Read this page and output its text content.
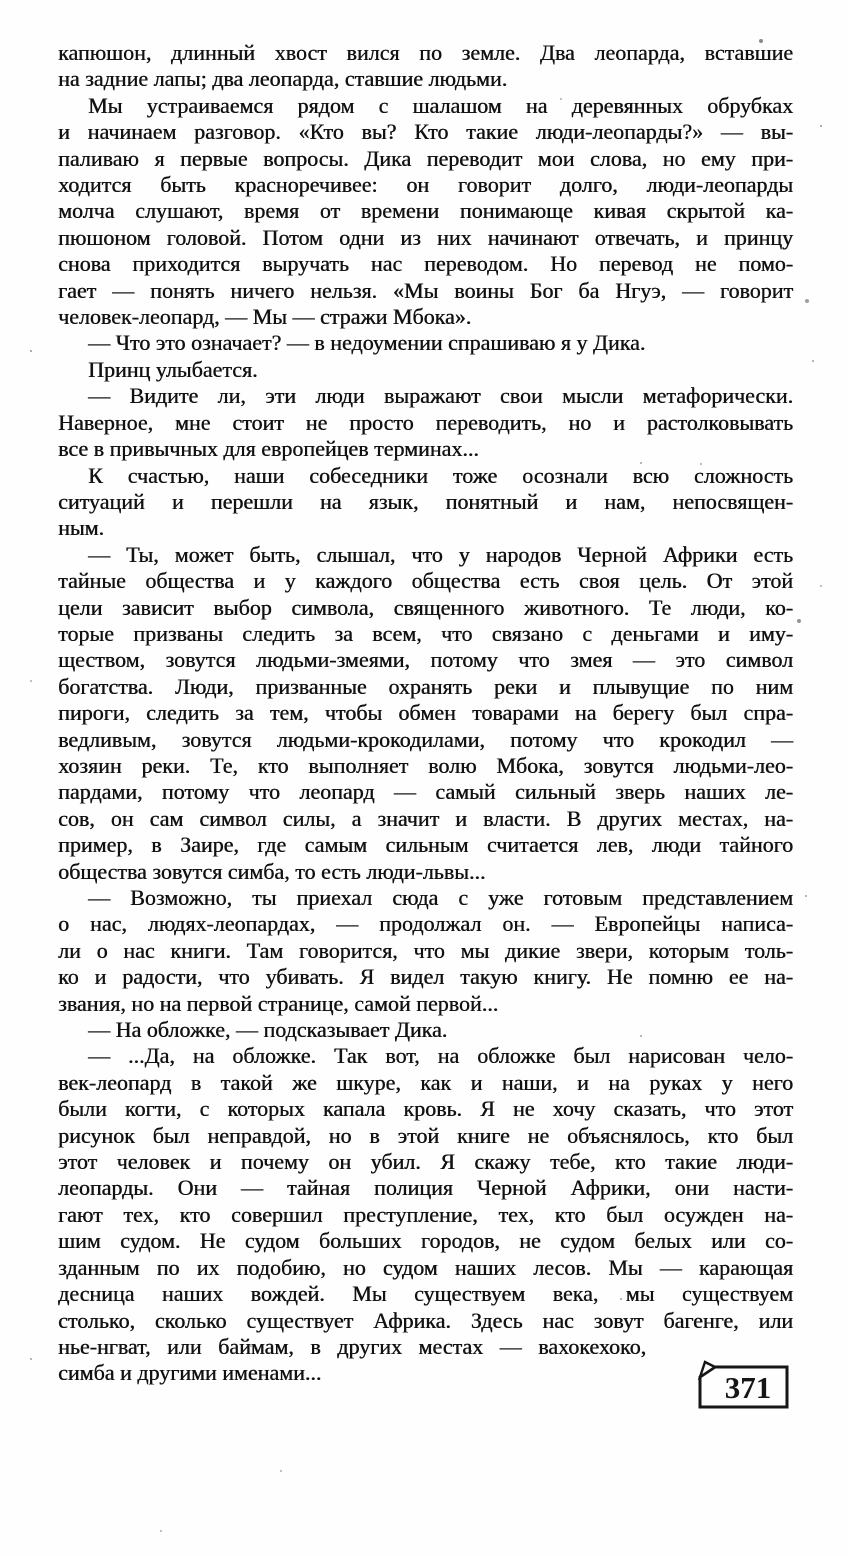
капюшон, длинный хвост вился по земле. Два леопарда, вставшие
на задние лапы; два леопарда, ставшие людьми.
Мы устраиваемся рядом с шалашом на деревянных обрубках
и начинаем разговор. «Кто вы? Кто такие люди-леопарды?» — вы-
паливаю я первые вопросы. Дика переводит мои слова, но ему при-
ходится быть красноречивее: он говорит долго, люди-леопарды
молча слушают, время от времени понимающе кивая скрытой ка-
пюшоном головой. Потом одни из них начинают отвечать, и принцу
снова приходится выручать нас переводом. Но перевод не помо-
гает — понять ничего нельзя. «Мы воины Бог ба Нгуэ, — говорит
человек-леопард, — Мы — стражи Мбока».
— Что это означает? — в недоумении спрашиваю я у Дика.
Принц улыбается.
— Видите ли, эти люди выражают свои мысли метафорически.
Наверное, мне стоит не просто переводить, но и растолковывать
все в привычных для европейцев терминах...
К счастью, наши собеседники тоже осознали всю сложность
ситуаций и перешли на язык, понятный и нам, непосвящен-
ным.
— Ты, может быть, слышал, что у народов Черной Африки есть
тайные общества и у каждого общества есть своя цель. От этой
цели зависит выбор символа, священного животного. Те люди, ко-
торые призваны следить за всем, что связано с деньгами и иму-
ществом, зовутся людьми-змеями, потому что змея — это символ
богатства. Люди, призванные охранять реки и плывущие по ним
пироги, следить за тем, чтобы обмен товарами на берегу был спра-
ведливым, зовутся людьми-крокодилами, потому что крокодил —
хозяин реки. Те, кто выполняет волю Мбока, зовутся людьми-лео-
пардами, потому что леопард — самый сильный зверь наших ле-
сов, он сам символ силы, а значит и власти. В других местах, на-
пример, в Заире, где самым сильным считается лев, люди тайного
общества зовутся симба, то есть люди-львы...
— Возможно, ты приехал сюда с уже готовым представлением
о нас, людях-леопардах, — продолжал он. — Европейцы написа-
ли о нас книги. Там говорится, что мы дикие звери, которым толь-
ко и радости, что убивать. Я видел такую книгу. Не помню ее на-
звания, но на первой странице, самой первой...
— На обложке, — подсказывает Дика.
— ...Да, на обложке. Так вот, на обложке был нарисован чело-
век-леопард в такой же шкуре, как и наши, и на руках у него
были когти, с которых капала кровь. Я не хочу сказать, что этот
рисунок был неправдой, но в этой книге не объяснялось, кто был
этот человек и почему он убил. Я скажу тебе, кто такие люди-
леопарды. Они — тайная полиция Черной Африки, они насти-
гают тех, кто совершил преступление, тех, кто был осужден на-
шим судом. Не судом больших городов, не судом белых или со-
зданным по их подобию, но судом наших лесов. Мы — карающая
десница наших вождей. Мы существуем века, мы существуем
столько, сколько существует Африка. Здесь нас зовут багенге, или
нье-нгват, или баймам, в других местах — вахокехоко,
симба и другими именами...	371
